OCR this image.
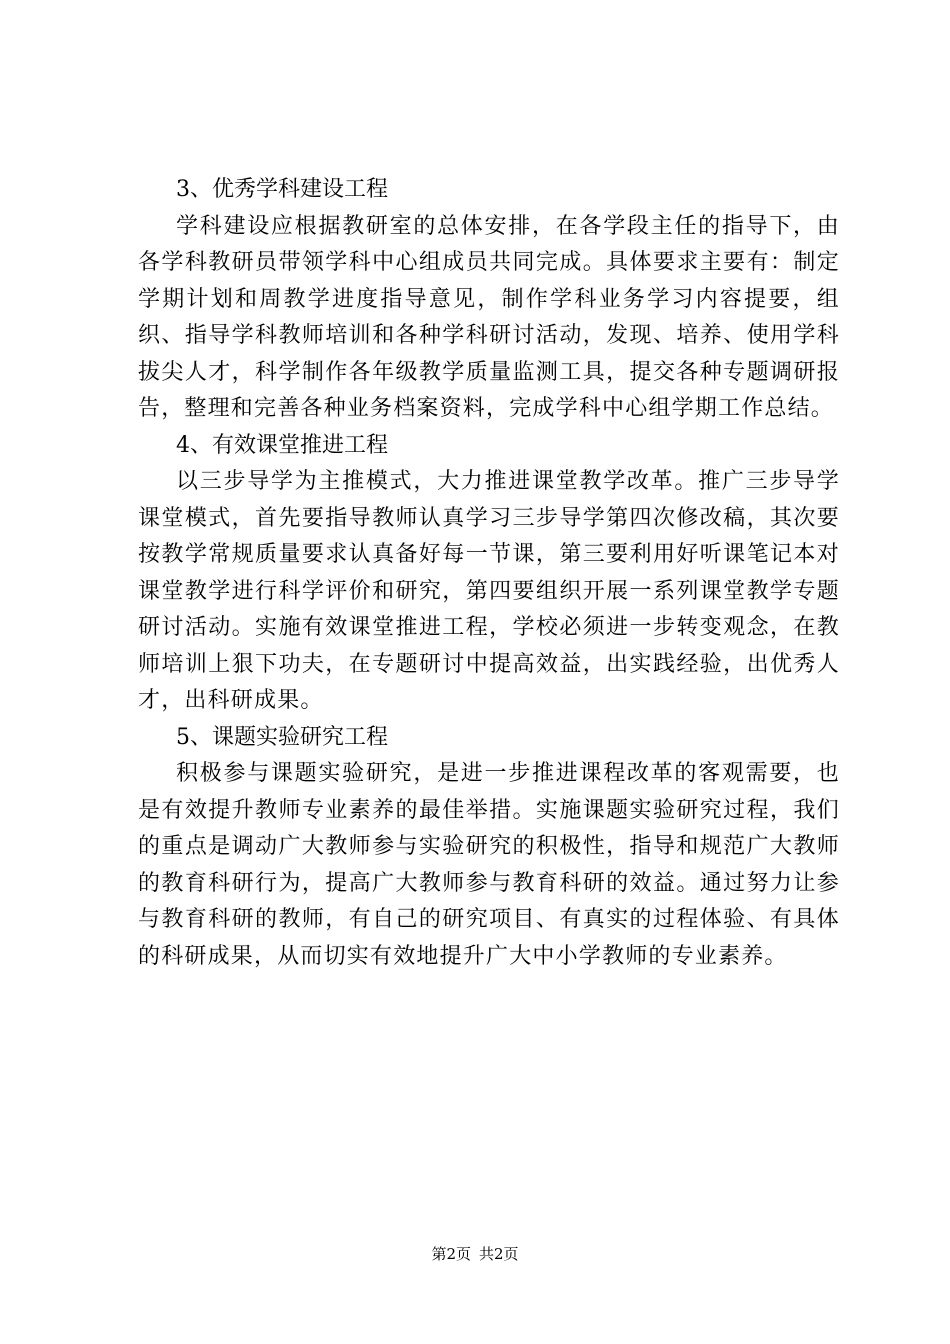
3、优秀学科建设工程

学科建设应根据教研室的总体安排，在各学段主任的指导下，由各学科教研员带领学科中心组成员共同完成。具体要求主要有：制定学期计划和周教学进度指导意见，制作学科业务学习内容提要，组织、指导学科教师培训和各种学科研讨活动，发现、培养、使用学科拔尖人才，科学制作各年级教学质量监测工具，提交各种专题调研报告，整理和完善各种业务档案资料，完成学科中心组学期工作总结。

4、有效课堂推进工程

以三步导学为主推模式，大力推进课堂教学改革。推广三步导学课堂模式，首先要指导教师认真学习三步导学第四次修改稿，其次要按教学常规质量要求认真备好每一节课，第三要利用好听课笔记本对课堂教学进行科学评价和研究，第四要组织开展一系列课堂教学专题研讨活动。实施有效课堂推进工程，学校必须进一步转变观念，在教师培训上狠下功夫，在专题研讨中提高效益，出实践经验，出优秀人才，出科研成果。

5、课题实验研究工程

积极参与课题实验研究，是进一步推进课程改革的客观需要，也是有效提升教师专业素养的最佳举措。实施课题实验研究过程，我们的重点是调动广大教师参与实验研究的积极性，指导和规范广大教师的教育科研行为，提高广大教师参与教育科研的效益。通过努力让参与教育科研的教师，有自己的研究项目、有真实的过程体验、有具体的科研成果，从而切实有效地提升广大中小学教师的专业素养。

第2页 共2页
